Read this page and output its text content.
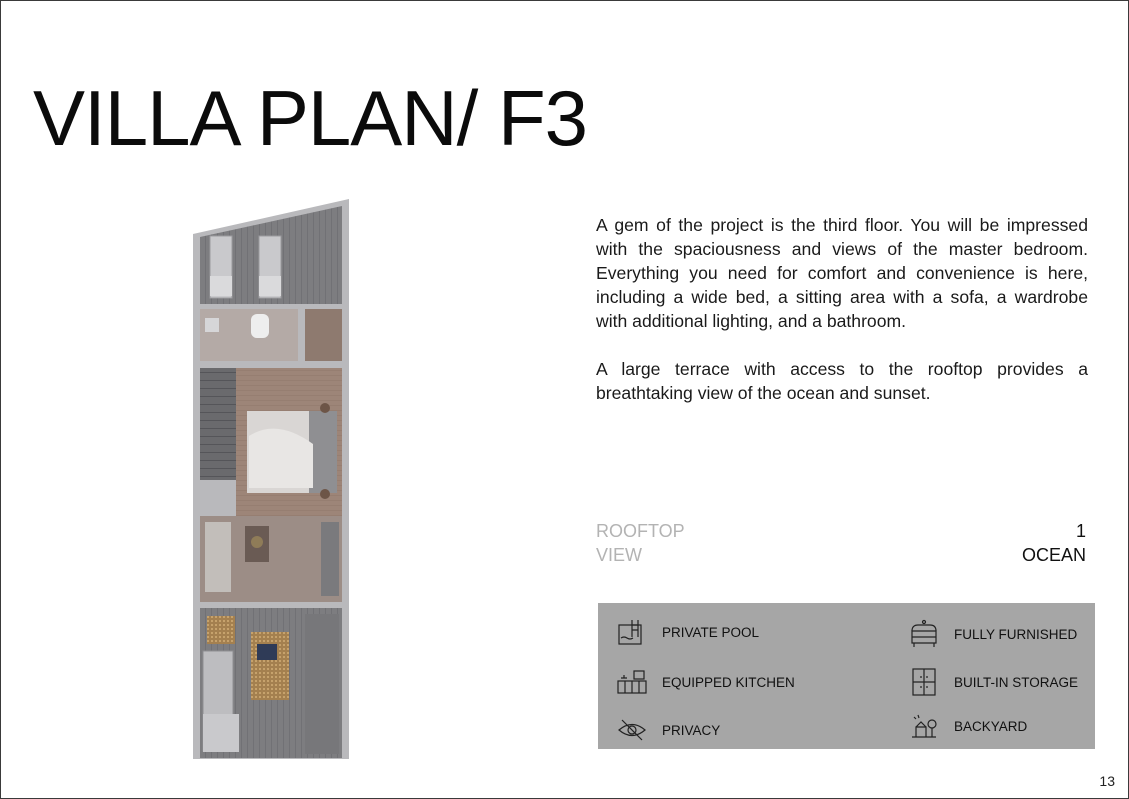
VILLA PLAN/ F3

A gem of the project is the third floor. You will be impressed with the spaciousness and views of the master bedroom. Everything you need for comfort and convenience is here, including a wide bed, a sitting area with a sofa, a wardrobe with additional lighting, and a bathroom.

A large terrace with access to the rooftop provides a breathtaking view of the ocean and sunset.

ROOFTOP	1
VIEW	OCEAN
PRIVATE POOL
EQUIPPED KITCHEN
PRIVACY
FULLY FURNISHED
BUILT-IN STORAGE
BACKYARD
13
